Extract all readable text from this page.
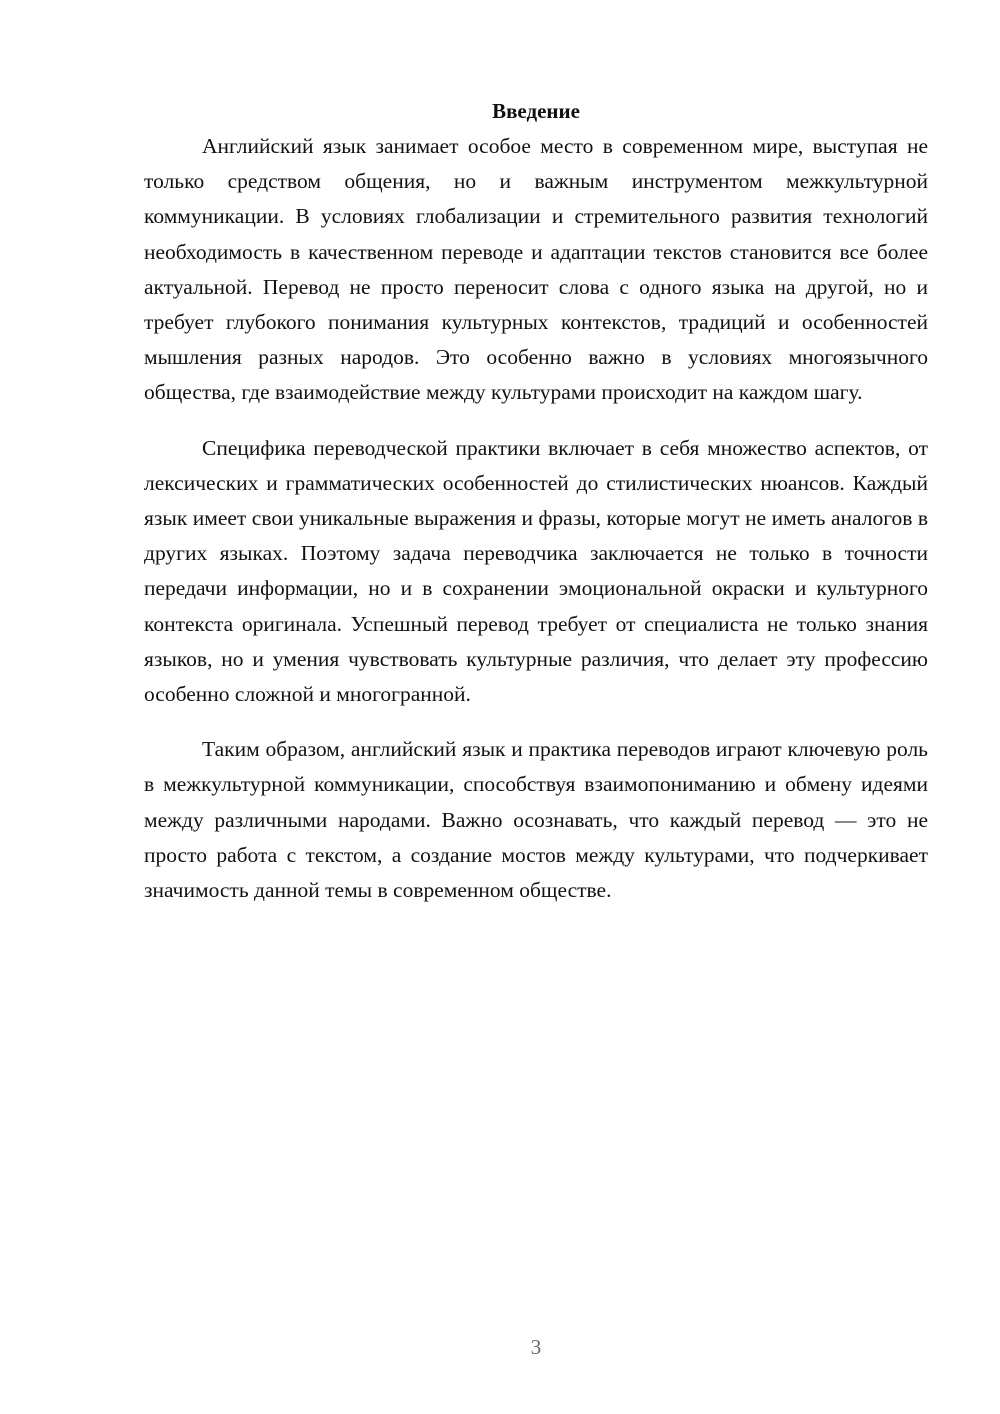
Введение

Английский язык занимает особое место в современном мире, выступая не только средством общения, но и важным инструментом межкультурной коммуникации. В условиях глобализации и стремительного развития технологий необходимость в качественном переводе и адаптации текстов становится все более актуальной. Перевод не просто переносит слова с одного языка на другой, но и требует глубокого понимания культурных контекстов, традиций и особенностей мышления разных народов. Это особенно важно в условиях многоязычного общества, где взаимодействие между культурами происходит на каждом шагу.

Специфика переводческой практики включает в себя множество аспектов, от лексических и грамматических особенностей до стилистических нюансов. Каждый язык имеет свои уникальные выражения и фразы, которые могут не иметь аналогов в других языках. Поэтому задача переводчика заключается не только в точности передачи информации, но и в сохранении эмоциональной окраски и культурного контекста оригинала. Успешный перевод требует от специалиста не только знания языков, но и умения чувствовать культурные различия, что делает эту профессию особенно сложной и многогранной.

Таким образом, английский язык и практика переводов играют ключевую роль в межкультурной коммуникации, способствуя взаимопониманию и обмену идеями между различными народами. Важно осознавать, что каждый перевод — это не просто работа с текстом, а создание мостов между культурами, что подчеркивает значимость данной темы в современном обществе.

3
